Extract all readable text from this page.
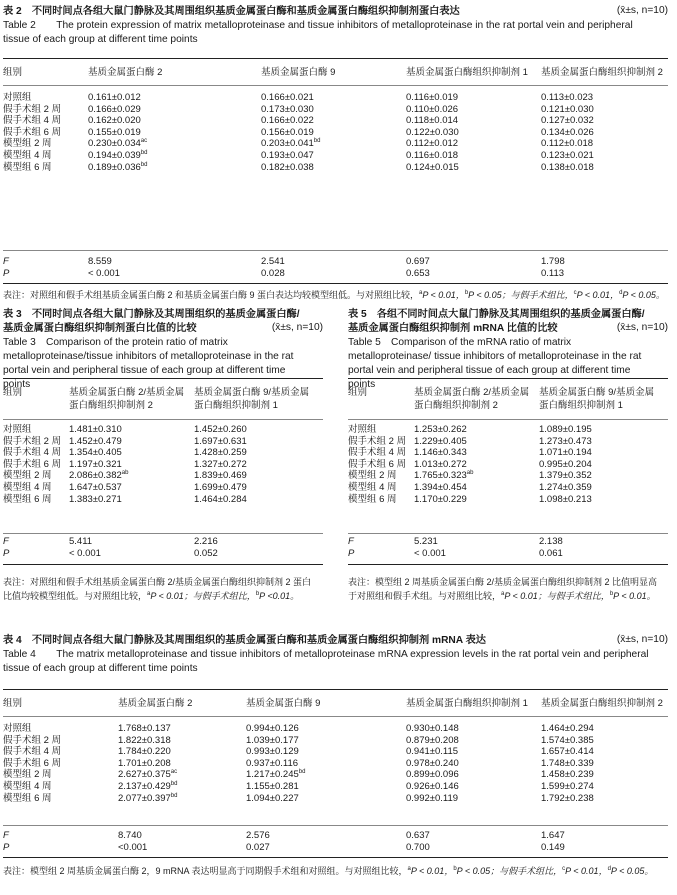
表 2　不同时间点各组大鼠门静脉及其周围组织基质金属蛋白酶和基质金属蛋白酶组织抑制剂蛋白表达	(x̄±s, n=10)
Table 2　　The protein expression of matrix metalloproteinase and tissue inhibitors of metalloproteinase in the rat portal vein and peripheral
tissue of each group at different time points
组别	基质金属蛋白酶 2	基质金属蛋白酶 9	基质金属蛋白酶组织抑制剂 1	基质金属蛋白酶组织抑制剂 2
对照组	0.161±0.012	0.166±0.021	0.116±0.019	0.113±0.023
假手术组 2 周	0.166±0.029	0.173±0.030	0.110±0.026	0.121±0.030
假手术组 4 周	0.162±0.020	0.166±0.022	0.118±0.014	0.127±0.032
假手术组 6 周	0.155±0.019	0.156±0.019	0.122±0.030	0.134±0.026
模型组 2 周	0.230±0.034$^{ac}$	0.203±0.041$^{bd}$	0.112±0.012	0.112±0.018
模型组 4 周	0.194±0.039$^{bd}$	0.193±0.047	0.116±0.018	0.123±0.021
模型组 6 周	0.189±0.036$^{bd}$	0.182±0.038	0.124±0.015	0.138±0.018
F	8.559	2.541	0.697	1.798
P	< 0.001	0.028	0.653	0.113
表注：对照组和假手术组基质金属蛋白酶 2 和基质金属蛋白酶 9 蛋白表达均较模型组低。与对照组比较，$^a$P < 0.01，$^b$P < 0.05；与假手术组比，$^c$P < 0.01，$^d$P < 0.05。
表 3　不同时间点各组大鼠门静脉及其周围组织的基质金属蛋白酶/
基质金属蛋白酶组织抑制剂蛋白比值的比较	(x̄±s, n=10)
Table 3　Comparison of the protein ratio of matrix
metalloproteinase/tissue inhibitors of metalloproteinase in the rat
portal vein and peripheral tissue of each group at different time
points
组别	基质金属蛋白酶 2/基质金属
蛋白酶组织抑制剂 2	基质金属蛋白酶 9/基质金属
蛋白酶组织抑制剂 1
对照组	1.481±0.310	1.452±0.260
假手术组 2 周	1.452±0.479	1.697±0.631
假手术组 4 周	1.354±0.405	1.428±0.259
假手术组 6 周	1.197±0.321	1.327±0.272
模型组 2 周	2.086±0.382$^{ab}$	1.839±0.469
模型组 4 周	1.647±0.537	1.699±0.479
模型组 6 周	1.383±0.271	1.464±0.284
F	5.411	2.216
P	< 0.001	0.052
表注：对照组和假手术组基质金属蛋白酶 2/基质金属蛋白酶组织抑制剂 2 蛋白
比值均较模型组低。与对照组比较，$^a$P < 0.01；与假手术组比，$^b$P <0.01。
表 5　各组不同时间点大鼠门静脉及其周围组织的基质金属蛋白酶/
基质金属蛋白酶组织抑制剂 mRNA 比值的比较	(x̄±s, n=10)
Table 5　Comparison of the mRNA ratio of matrix
metalloproteinase/ tissue inhibitors of metalloproteinase in the rat
portal vein and peripheral tissue of each group at different time
points
组别	基质金属蛋白酶 2/基质金属
蛋白酶组织抑制剂 2	基质金属蛋白酶 9/基质金属
蛋白酶组织抑制剂 1
对照组	1.253±0.262	1.089±0.195
假手术组 2 周	1.229±0.405	1.273±0.473
假手术组 4 周	1.146±0.343	1.071±0.194
假手术组 6 周	1.013±0.272	0.995±0.204
模型组 2 周	1.765±0.323$^{ab}$	1.379±0.352
模型组 4 周	1.394±0.454	1.274±0.359
模型组 6 周	1.170±0.229	1.098±0.213
F	5.231	2.138
P	< 0.001	0.061
表注：模型组 2 周基质金属蛋白酶 2/基质金属蛋白酶组织抑制剂 2 比值明显高
于对照组和假手术组。与对照组比较，$^a$P < 0.01；与假手术组比，$^b$P < 0.01。
表 4　不同时间点各组大鼠门静脉及其周围组织的基质金属蛋白酶和基质金属蛋白酶组织抑制剂 mRNA 表达	(x̄±s, n=10)
Table 4　　The matrix metalloproteinase and tissue inhibitors of metalloproteinase mRNA expression levels in the rat portal vein and peripheral
tissue of each group at different time points
组别	基质金属蛋白酶 2	基质金属蛋白酶 9	基质金属蛋白酶组织抑制剂 1	基质金属蛋白酶组织抑制剂 2
对照组	1.768±0.137	0.994±0.126	0.930±0.148	1.464±0.294
假手术组 2 周	1.822±0.318	1.039±0.177	0.879±0.208	1.574±0.385
假手术组 4 周	1.784±0.220	0.993±0.129	0.941±0.115	1.657±0.414
假手术组 6 周	1.701±0.208	0.937±0.116	0.978±0.240	1.748±0.339
模型组 2 周	2.627±0.375$^{ac}$	1.217±0.245$^{bd}$	0.899±0.096	1.458±0.239
模型组 4 周	2.137±0.429$^{bd}$	1.155±0.281	0.926±0.146	1.599±0.274
模型组 6 周	2.077±0.397$^{bd}$	1.094±0.227	0.992±0.119	1.792±0.238
F	8.740	2.576	0.637	1.647
P	<0.001	0.027	0.700	0.149
表注：模型组 2 周基质金属蛋白酶 2，9 mRNA 表达明显高于同期假手术组和对照组。与对照组比较，$^a$P < 0.01，$^b$P < 0.05；与假手术组比，$^c$P < 0.01，$^d$P < 0.05。
